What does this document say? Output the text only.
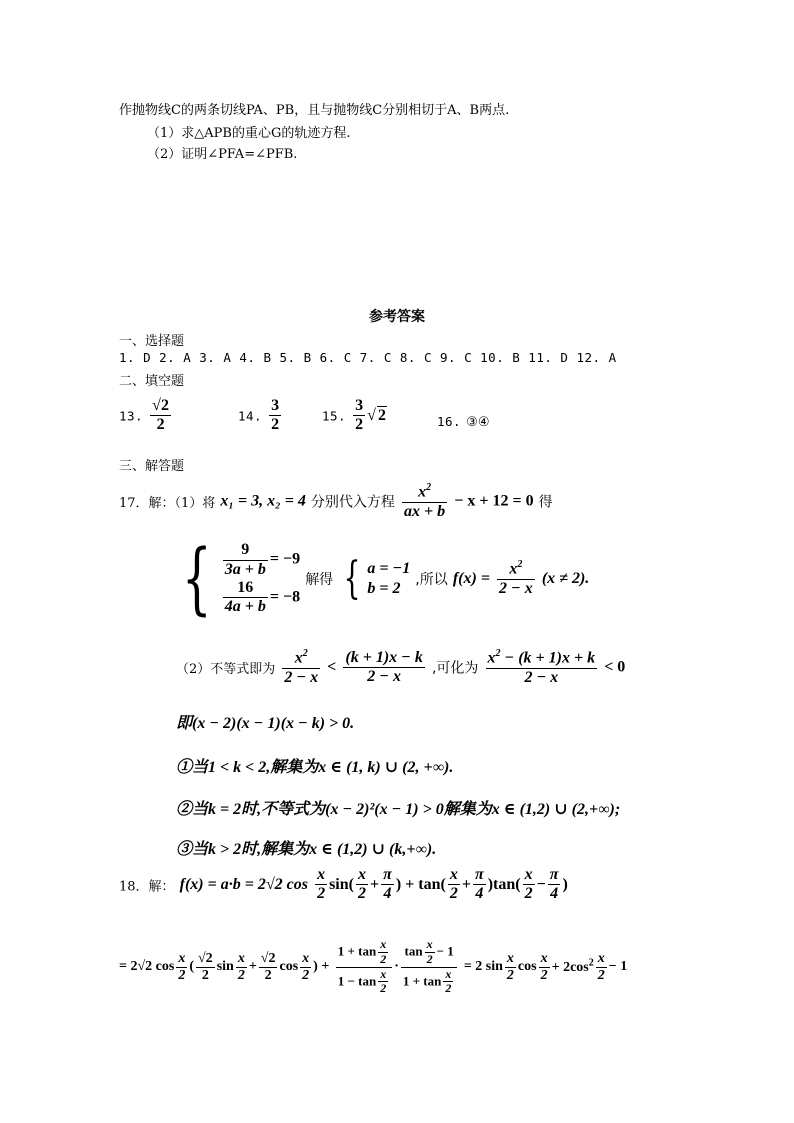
作抛物线C的两条切线PA、PB，且与抛物线C分别相切于A、B两点.
（1）求△APB的重心G的轨迹方程.
（2）证明∠PFA=∠PFB.
参考答案
一、选择题
1. D 2. A 3. A 4. B 5. B 6. C 7. C 8. C 9. C 10. B 11. D 12. A
二、填空题
13. $\frac{√2}{2}$	14. $\frac{3}{2}$	15. $\frac{3}{2}$ √ 2	16. ③④
三、解答题
17．解：（1）将 x₁ = 3, x₂ = 4 分别代入方程 $\frac{x^2}{ax + b} - x + 12 = 0$ 得
{ $\frac{9}{3a + b} = -9$
$\frac{16}{4a + b} = -8$
解得 { a = −1
b = 2	,所以 $f(x) = \frac{x^2}{2 - x} (x \ne 2)$.
（2）不等式即为 $\frac{x^2}{2 - x} < \frac{(k + 1)x - k}{2 - x}$ ,可化为 $\frac{x^2 - (k + 1)x + k}{2 - x} < 0$
即(x − 2)(x − 1)(x − k) > 0.
①当1 < k < 2,解集为x ∈ (1, k) ∪ (2, +∞).
②当k = 2时,不等式为(x − 2)²(x − 1) > 0解集为x ∈ (1,2) ∪ (2,+∞);
③当k > 2时,解集为x ∈ (1,2) ∪ (k,+∞).
18．解： f(x) = a·b = 2√2 $\cos \frac{x}{2} \sin( \frac{x}{2} + \frac{\pi}{4}$ ) + $\tan( \frac{x}{2} + \frac{\pi}{4} )\tan( \frac{x}{2} - \frac{\pi}{4}$ )
= 2√2 $\cos \frac{x}{2}$ ( $\frac{√2}{2}$ $\sin \frac{x}{2} + \frac{√2}{2}$ $\cos \frac{x}{2}$ ) + $\frac{1 + \tan \frac{x}{2}}{1 - \tan \frac{x}{2}} \cdot \frac{\tan \frac{x}{2} - 1}{1 + \tan \frac{x}{2}} = 2$ $\sin \frac{x}{2}$ $\cos \frac{x}{2} + 2\cos^2 \frac{x}{2} - 1$
